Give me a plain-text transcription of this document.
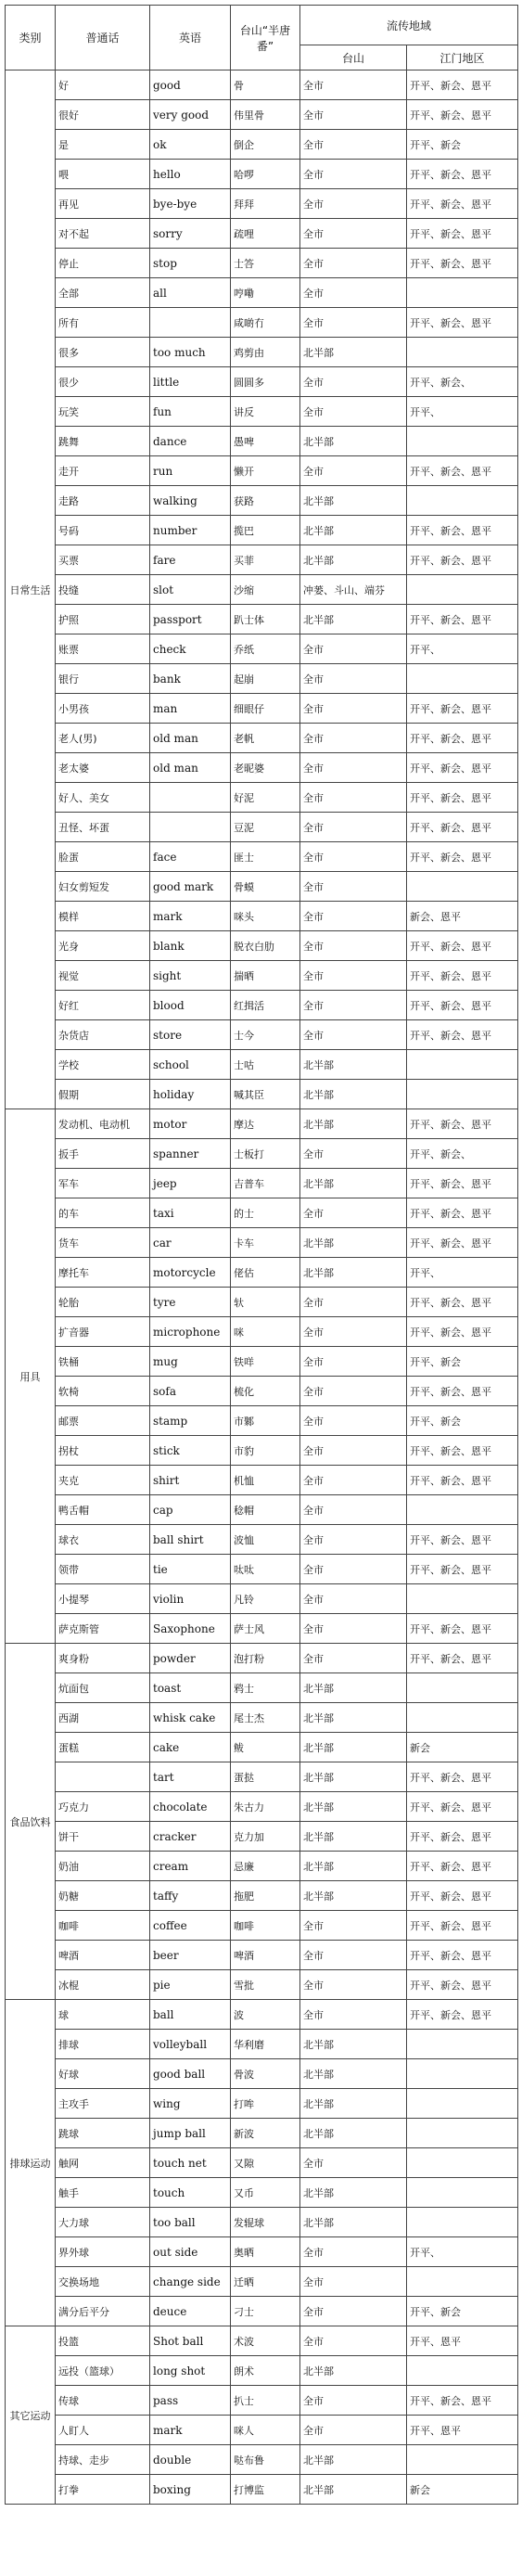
类别	普通话	英语	台山“半唐番”	流传地域	
				台山	江门地区
日常生活	好	good	骨	全市	开平、新会、恩平
	很好	very good	伟里骨	全市	开平、新会、恩平
	是	ok	倒企	全市	开平、新会
	喂	hello	哈啰	全市	开平、新会、恩平
	再见	bye-bye	拜拜	全市	开平、新会、恩平
	对不起	sorry	疏哩	全市	开平、新会、恩平
	停止	stop	士答	全市	开平、新会、恩平
	全部	all	哼嘞	全市	
	所有		咸啲冇	全市	开平、新会、恩平
	很多	too much	鸡剪由	北半部	
	很少	little	圆圆多	全市	开平、新会、
	玩笑	fun	讲反	全市	开平、
	跳舞	dance	愚啤	北半部	
	走开	run	懒开	全市	开平、新会、恩平
	走路	walking	获路	北半部	
	号码	number	揽巴	北半部	开平、新会、恩平
	买票	fare	买菲	北半部	开平、新会、恩平
	投缝	slot	沙缩	冲蒌、斗山、端芬	
	护照	passport	趴士体	北半部	开平、新会、恩平
	账票	check	乔纸	全市	开平、
	银行	bank	起崩	全市	
	小男孩	man	细眼仔	全市	开平、新会、恩平
	老人(男)	old man	老帆	全市	开平、新会、恩平
	老太婆	old man	老昵婆	全市	开平、新会、恩平
	好人、美女		好泥	全市	开平、新会、恩平
	丑怪、坏蛋		豆泥	全市	开平、新会、恩平
	脸蛋	face	匪士	全市	开平、新会、恩平
	妇女剪短发	good mark	骨蟆	全市	
	模样	mark	咪头	全市	新会、恩平
	光身	blank	脱衣白肋	全市	开平、新会、恩平
	视觉	sight	揣晒	全市	开平、新会、恩平
	好红	blood	红揖活	全市	开平、新会、恩平
	杂货店	store	士今	全市	开平、新会、恩平
	学校	school	士咕	北半部	
	假期	holiday	喊其臣	北半部	
用具	发动机、电动机	motor	摩达	北半部	开平、新会、恩平
	扳手	spanner	士板打	全市	开平、新会、
	军车	jeep	吉普车	北半部	开平、新会、恩平
	的车	taxi	的士	全市	开平、新会、恩平
	货车	car	卡车	北半部	开平、新会、恩平
	摩托车	motorcycle	佬估	北半部	开平、
	轮胎	tyre	轪	全市	开平、新会、恩平
	扩音器	microphone	咪	全市	开平、新会、恩平
	铁桶	mug	铁咩	全市	开平、新会
	软椅	sofa	梳化	全市	开平、新会、恩平
	邮票	stamp	市鄹	全市	开平、新会
	拐杖	stick	市豹	全市	开平、新会、恩平
	夹克	shirt	机恤	全市	开平、新会、恩平
	鸭舌帽	cap	稔帽	全市	
	球衣	ball shirt	波恤	全市	开平、新会、恩平
	领带	tie	呔呔	全市	开平、新会、恩平
	小提琴	violin	凡铃	全市	
	萨克斯管	Saxophone	萨士风	全市	开平、新会、恩平
食品饮料	爽身粉	powder	泡打粉	全市	开平、新会、恩平
	炕面包	toast	鸦士	北半部	
	西湖	whisk cake	尾士杰	北半部	
	蛋糕	cake	鲅	北半部	新会
		tart	蛋挞	北半部	开平、新会、恩平
	巧克力	chocolate	朱古力	北半部	开平、新会、恩平
	饼干	cracker	克力加	北半部	开平、新会、恩平
	奶油	cream	忌廉	北半部	开平、新会、恩平
	奶糖	taffy	拖肥	北半部	开平、新会、恩平
	咖啡	coffee	咖啡	全市	开平、新会、恩平
	啤酒	beer	啤酒	全市	开平、新会、恩平
	冰棍	pie	雪批	全市	开平、新会、恩平
排球运动	球	ball	波	全市	开平、新会、恩平
	排球	volleyball	华利磨	北半部	
	好球	good ball	骨波	北半部	
	主攻手	wing	打哞	北半部	
	跳球	jump ball	新波	北半部	
	触网	touch net	又隙	全市	
	触手	touch	又币	北半部	
	大力球	too ball	发辊球	北半部	
	界外球	out side	奥晒	全市	开平、
	交换场地	change side	迁晒	全市	
	满分后平分	deuce	刁士	全市	开平、新会
其它运动	投篮	Shot ball	术波	全市	开平、恩平
	远投（篮球）	long shot	朗术	北半部	
	传球	pass	扒士	全市	开平、新会、恩平
	人盯人	mark	咪人	全市	开平、恩平
	持球、走步	double	哒布鲁	北半部	
	打拳	boxing	打博监	北半部	新会
